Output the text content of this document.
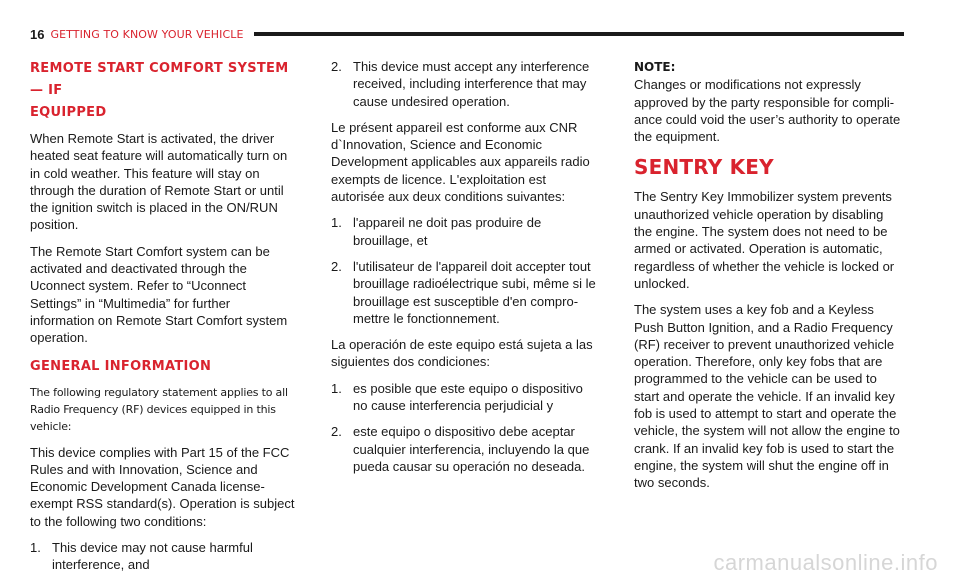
16 GETTING TO KNOW YOUR VEHICLE
REMOTE START COMFORT SYSTEM — IF
EQUIPPED

When Remote Start is activated, the driver heated seat feature will automatically turn on in cold weather. This feature will stay on through the duration of Remote Start or until the ignition switch is placed in the ON/RUN position.

The Remote Start Comfort system can be activated and deactivated through the Uconnect system. Refer to “Uconnect Settings” in “Multimedia” for further information on Remote Start Comfort system operation.

GENERAL INFORMATION

The following regulatory statement applies to all Radio Frequency (RF) devices equipped in this vehicle:

This device complies with Part 15 of the FCC Rules and with Innovation, Science and Economic Development Canada license-exempt RSS standard(s). Operation is subject to the following two conditions:

1. This device may not cause harmful interference, and
2. This device must accept any interference received, including interference that may cause undesired operation.

Le présent appareil est conforme aux CNR d`Innovation, Science and Economic Development applicables aux appareils radio exempts de licence. L'exploitation est autorisée aux deux conditions suivantes:

1. l'appareil ne doit pas produire de brouillage, et
2. l'utilisateur de l'appareil doit accepter tout brouillage radioélectrique subi, même si le brouillage est susceptible d'en compro-mettre le fonctionnement.

La operación de este equipo está sujeta a las siguientes dos condiciones:

1. es posible que este equipo o dispositivo no cause interferencia perjudicial y
2. este equipo o dispositivo debe aceptar cualquier interferencia, incluyendo la que pueda causar su operación no deseada.

NOTE:
Changes or modifications not expressly approved by the party responsible for compli-ance could void the user’s authority to operate the equipment.

SENTRY KEY

The Sentry Key Immobilizer system prevents unauthorized vehicle operation by disabling the engine. The system does not need to be armed or activated. Operation is automatic, regardless of whether the vehicle is locked or unlocked.

The system uses a key fob and a Keyless Push Button Ignition, and a Radio Frequency (RF) receiver to prevent unauthorized vehicle operation. Therefore, only key fobs that are programmed to the vehicle can be used to start and operate the vehicle. If an invalid key fob is used to attempt to start and operate the vehicle, the system will not allow the engine to crank. If an invalid key fob is used to start the engine, the system will shut the engine off in two seconds.

carmanualsonline.info
